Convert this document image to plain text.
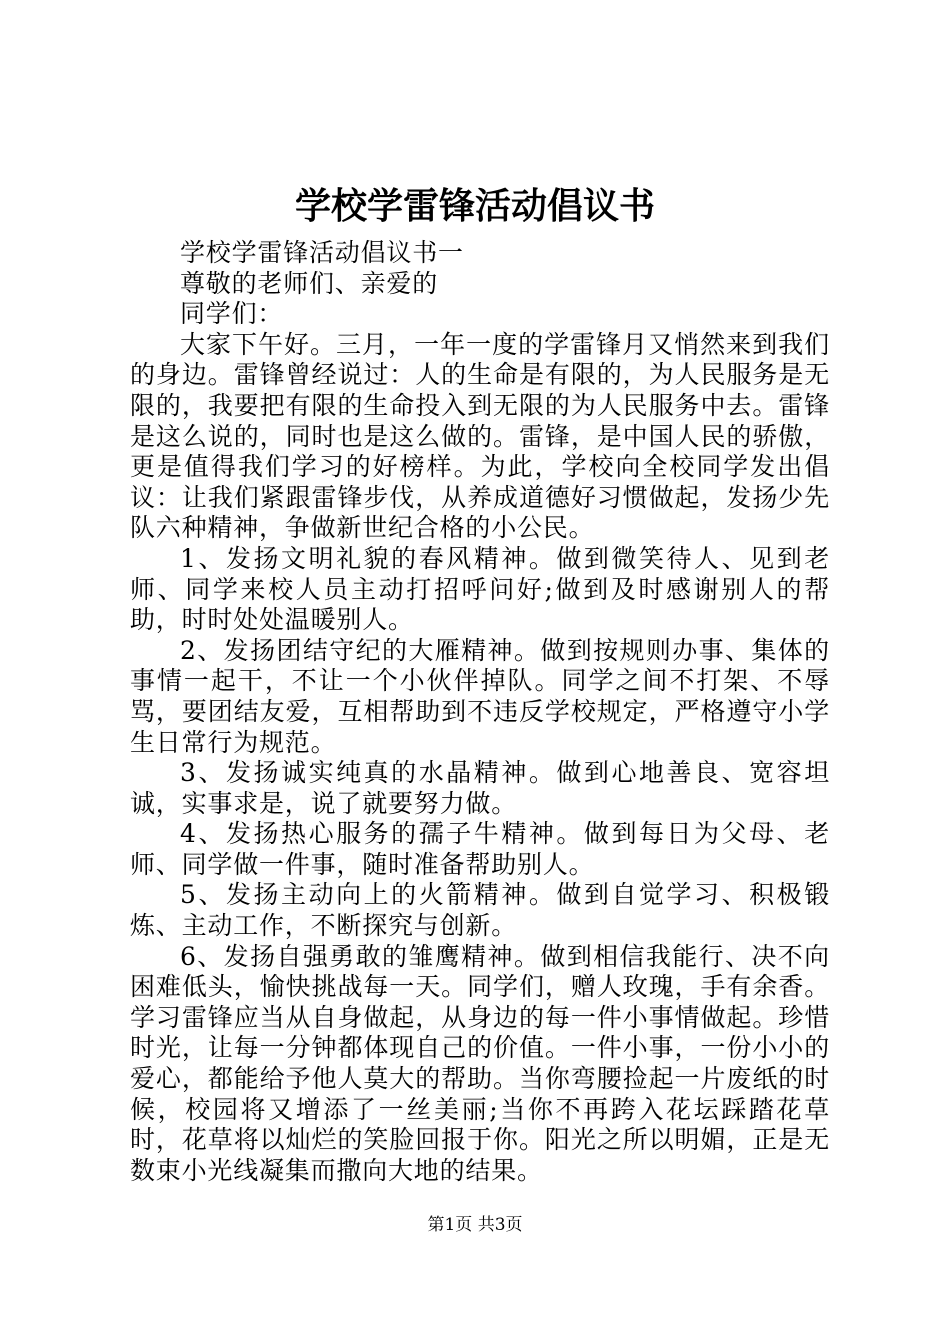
学校学雷锋活动倡议书

学校学雷锋活动倡议书一

尊敬的老师们、亲爱的

同学们：

大家下午好。三月，一年一度的学雷锋月又悄然来到我们的身边。雷锋曾经说过：人的生命是有限的，为人民服务是无限的，我要把有限的生命投入到无限的为人民服务中去。雷锋是这么说的，同时也是这么做的。雷锋，是中国人民的骄傲，更是值得我们学习的好榜样。为此，学校向全校同学发出倡议：让我们紧跟雷锋步伐，从养成道德好习惯做起，发扬少先队六种精神，争做新世纪合格的小公民。

1、发扬文明礼貌的春风精神。做到微笑待人、见到老师、同学来校人员主动打招呼问好;做到及时感谢别人的帮助，时时处处温暖别人。

2、发扬团结守纪的大雁精神。做到按规则办事、集体的事情一起干，不让一个小伙伴掉队。同学之间不打架、不辱骂，要团结友爱，互相帮助到不违反学校规定，严格遵守小学生日常行为规范。

3、发扬诚实纯真的水晶精神。做到心地善良、宽容坦诚，实事求是，说了就要努力做。

4、发扬热心服务的孺子牛精神。做到每日为父母、老师、同学做一件事，随时准备帮助别人。

5、发扬主动向上的火箭精神。做到自觉学习、积极锻炼、主动工作，不断探究与创新。

6、发扬自强勇敢的雏鹰精神。做到相信我能行、决不向困难低头，愉快挑战每一天。同学们，赠人玫瑰，手有余香。学习雷锋应当从自身做起，从身边的每一件小事情做起。珍惜时光，让每一分钟都体现自己的价值。一件小事，一份小小的爱心，都能给予他人莫大的帮助。当你弯腰捡起一片废纸的时候，校园将又增添了一丝美丽;当你不再跨入花坛踩踏花草时，花草将以灿烂的笑脸回报于你。阳光之所以明媚，正是无数束小光线凝集而撒向大地的结果。

第1页 共3页
